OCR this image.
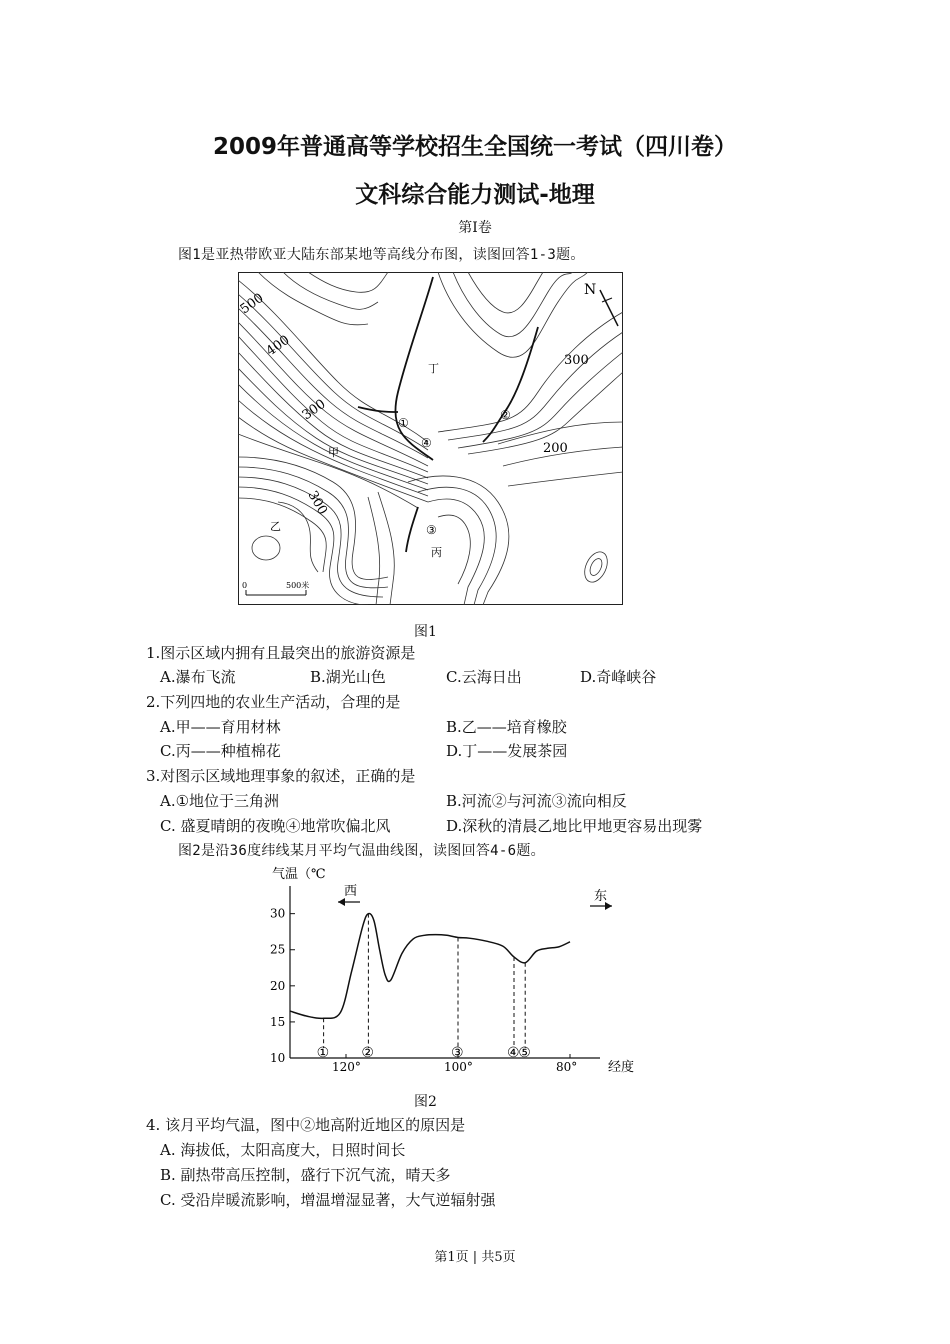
2009年普通高等学校招生全国统一考试（四川卷）
文科综合能力测试-地理
第Ⅰ卷
图1是亚热带欧亚大陆东部某地等高线分布图，读图回答1-3题。
N
500
400
300
300
200
300
甲
乙
丙
丁
①
②
③
④
0	500米
图1
1.图示区域内拥有且最突出的旅游资源是
A.瀑布飞流	B.湖光山色	C.云海日出	D.奇峰峡谷
2.下列四地的农业生产活动，合理的是
A.甲——育用材林	B.乙——培育橡胶
C.丙——种植棉花	D.丁——发展茶园
3.对图示区域地理事象的叙述，正确的是
A.①地位于三角洲	B.河流②与河流③流向相反
C. 盛夏晴朗的夜晚④地常吹偏北风	D.深秋的清晨乙地比甲地更容易出现雾
图2是沿36度纬线某月平均气温曲线图，读图回答4-6题。
气温（℃
西	东
10
15
20
25
30
120°	100°	80°
① ②	③	④
⑤
经度
图2
4. 该月平均气温，图中②地高附近地区的原因是
A. 海拔低，太阳高度大，日照时间长
B. 副热带高压控制，盛行下沉气流，晴天多
C. 受沿岸暖流影响，增温增湿显著，大气逆辐射强
第1页 | 共5页
